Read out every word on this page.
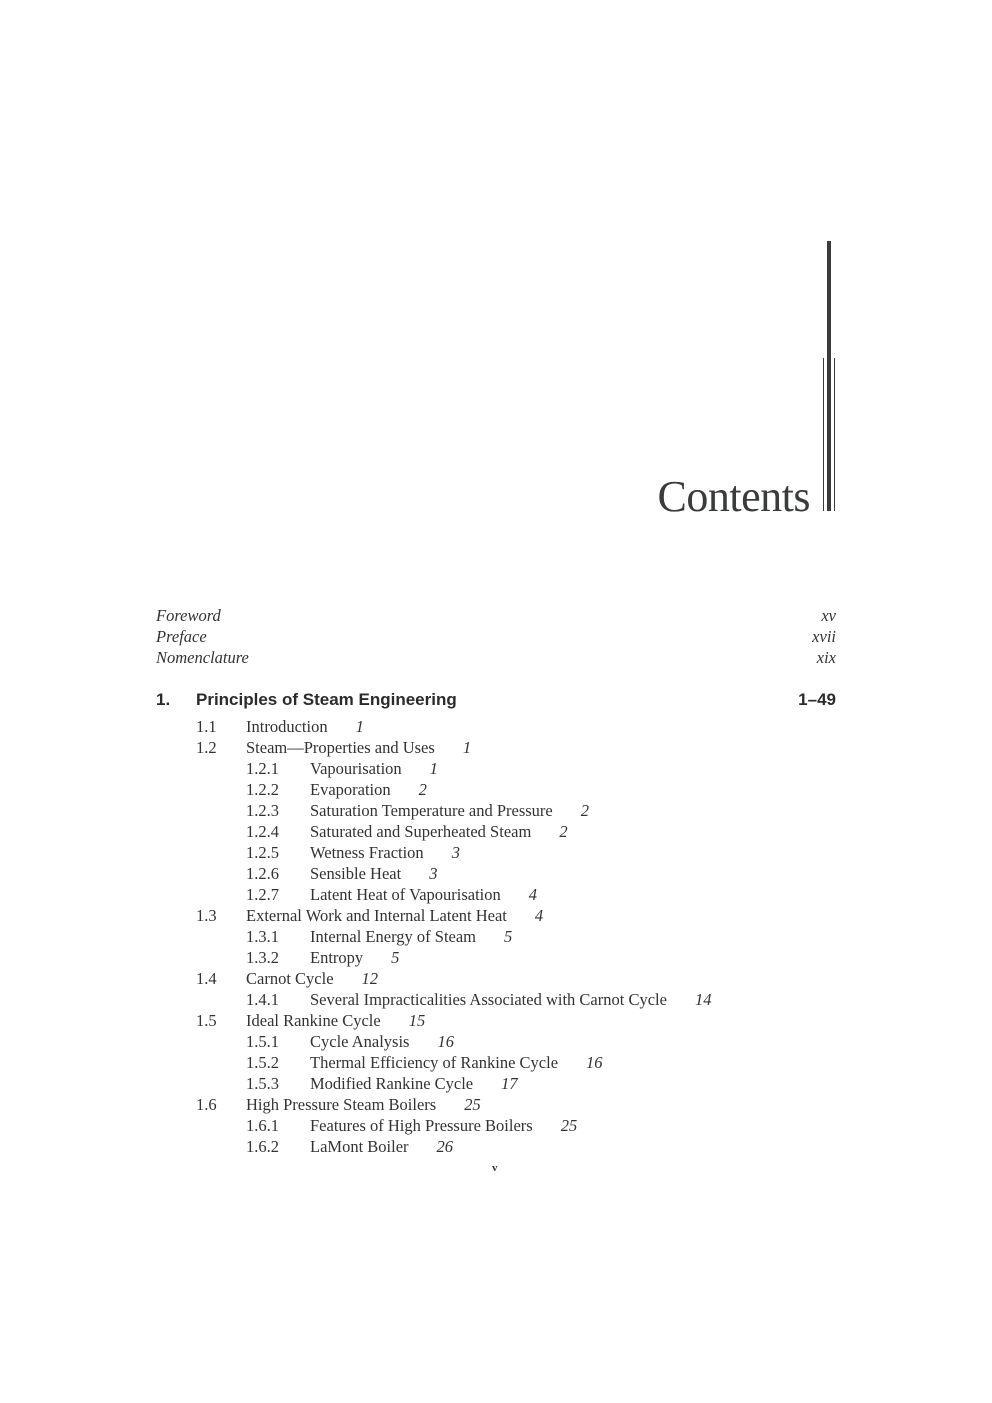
Contents
Foreword	xv
Preface	xvii
Nomenclature	xix
1.	Principles of Steam Engineering	1–49
1.1 Introduction 1
1.2 Steam—Properties and Uses 1
1.2.1 Vapourisation 1
1.2.2 Evaporation 2
1.2.3 Saturation Temperature and Pressure 2
1.2.4 Saturated and Superheated Steam 2
1.2.5 Wetness Fraction 3
1.2.6 Sensible Heat 3
1.2.7 Latent Heat of Vapourisation 4
1.3 External Work and Internal Latent Heat 4
1.3.1 Internal Energy of Steam 5
1.3.2 Entropy 5
1.4 Carnot Cycle 12
1.4.1 Several Impracticalities Associated with Carnot Cycle 14
1.5 Ideal Rankine Cycle 15
1.5.1 Cycle Analysis 16
1.5.2 Thermal Efficiency of Rankine Cycle 16
1.5.3 Modified Rankine Cycle 17
1.6 High Pressure Steam Boilers 25
1.6.1 Features of High Pressure Boilers 25
1.6.2 LaMont Boiler 26
v
